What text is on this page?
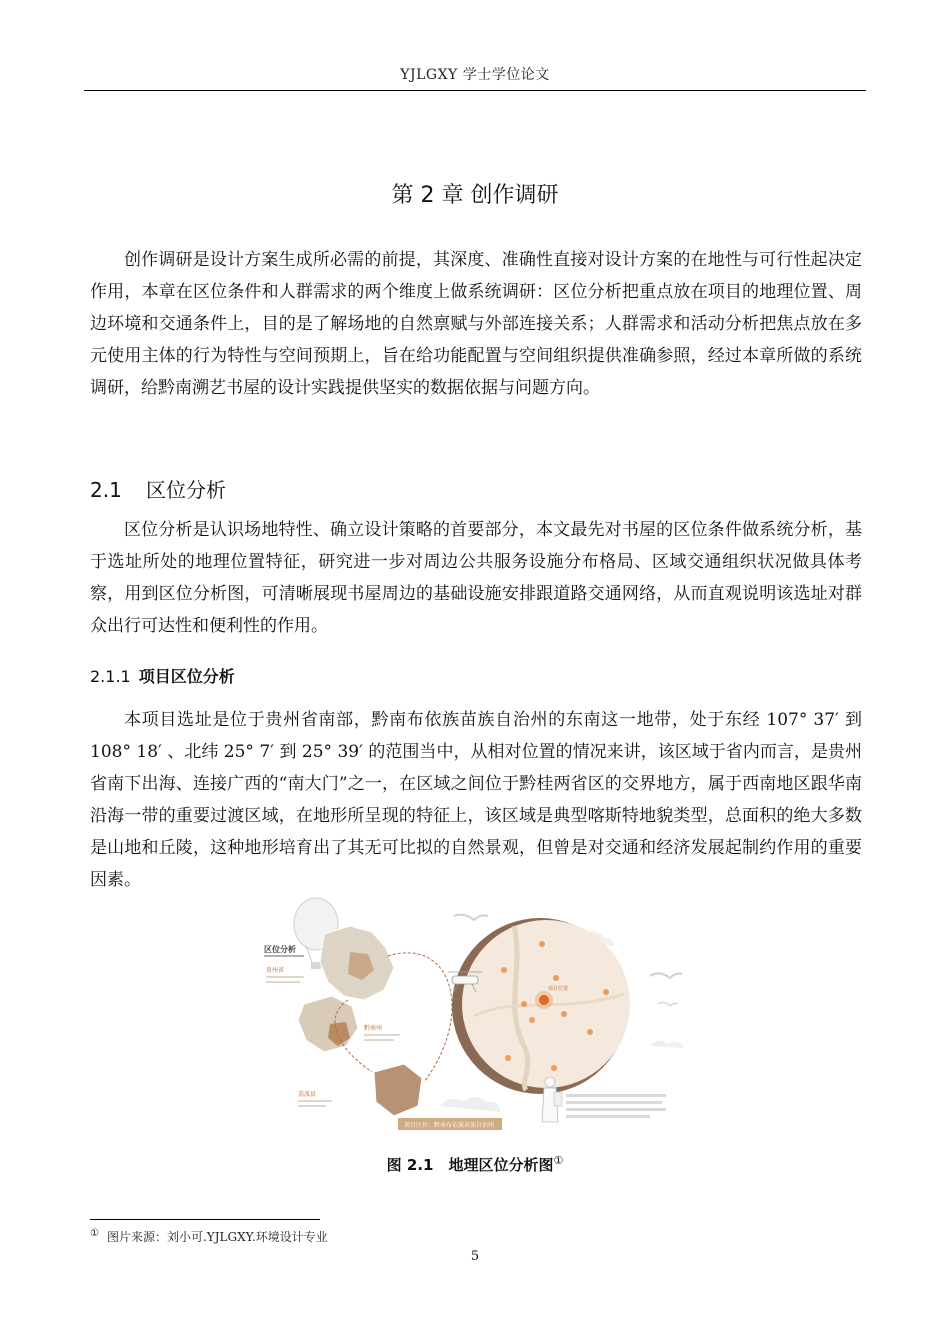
YJLGXY 学士学位论文
第 2 章 创作调研

创作调研是设计方案生成所必需的前提，其深度、准确性直接对设计方案的在地性与可行性起决定作用，本章在区位条件和人群需求的两个维度上做系统调研：区位分析把重点放在项目的地理位置、周边环境和交通条件上，目的是了解场地的自然禀赋与外部连接关系；人群需求和活动分析把焦点放在多元使用主体的行为特性与空间预期上，旨在给功能配置与空间组织提供准确参照，经过本章所做的系统调研，给黔南溯艺书屋的设计实践提供坚实的数据依据与问题方向。

2.1 区位分析

区位分析是认识场地特性、确立设计策略的首要部分，本文最先对书屋的区位条件做系统分析，基于选址所处的地理位置特征，研究进一步对周边公共服务设施分布格局、区域交通组织状况做具体考察，用到区位分析图，可清晰展现书屋周边的基础设施安排跟道路交通网络，从而直观说明该选址对群众出行可达性和便利性的作用。

2.1.1 项目区位分析

本项目选址是位于贵州省南部，黔南布依族苗族自治州的东南这一地带，处于东经 107° 37′ 到 108° 18′ 、北纬 25° 7′ 到 25° 39′ 的范围当中，从相对位置的情况来讲，该区域于省内而言，是贵州省南下出海、连接广西的“南大门”之一，在区域之间位于黔桂两省区的交界地方，属于西南地区跟华南沿海一带的重要过渡区域，在地形所呈现的特征上，该区域是典型喀斯特地貌类型，总面积的绝大多数是山地和丘陵，这种地形培育出了其无可比拟的自然景观，但曾是对交通和经济发展起制约作用的重要因素。

区位分析
贵州省
黔南州
荔波县
项目位置
项目区位：黔南布依族苗族自治州
图 2.1　地理区位分析图①
① 图片来源：刘小可.YJLGXY.环境设计专业
5
